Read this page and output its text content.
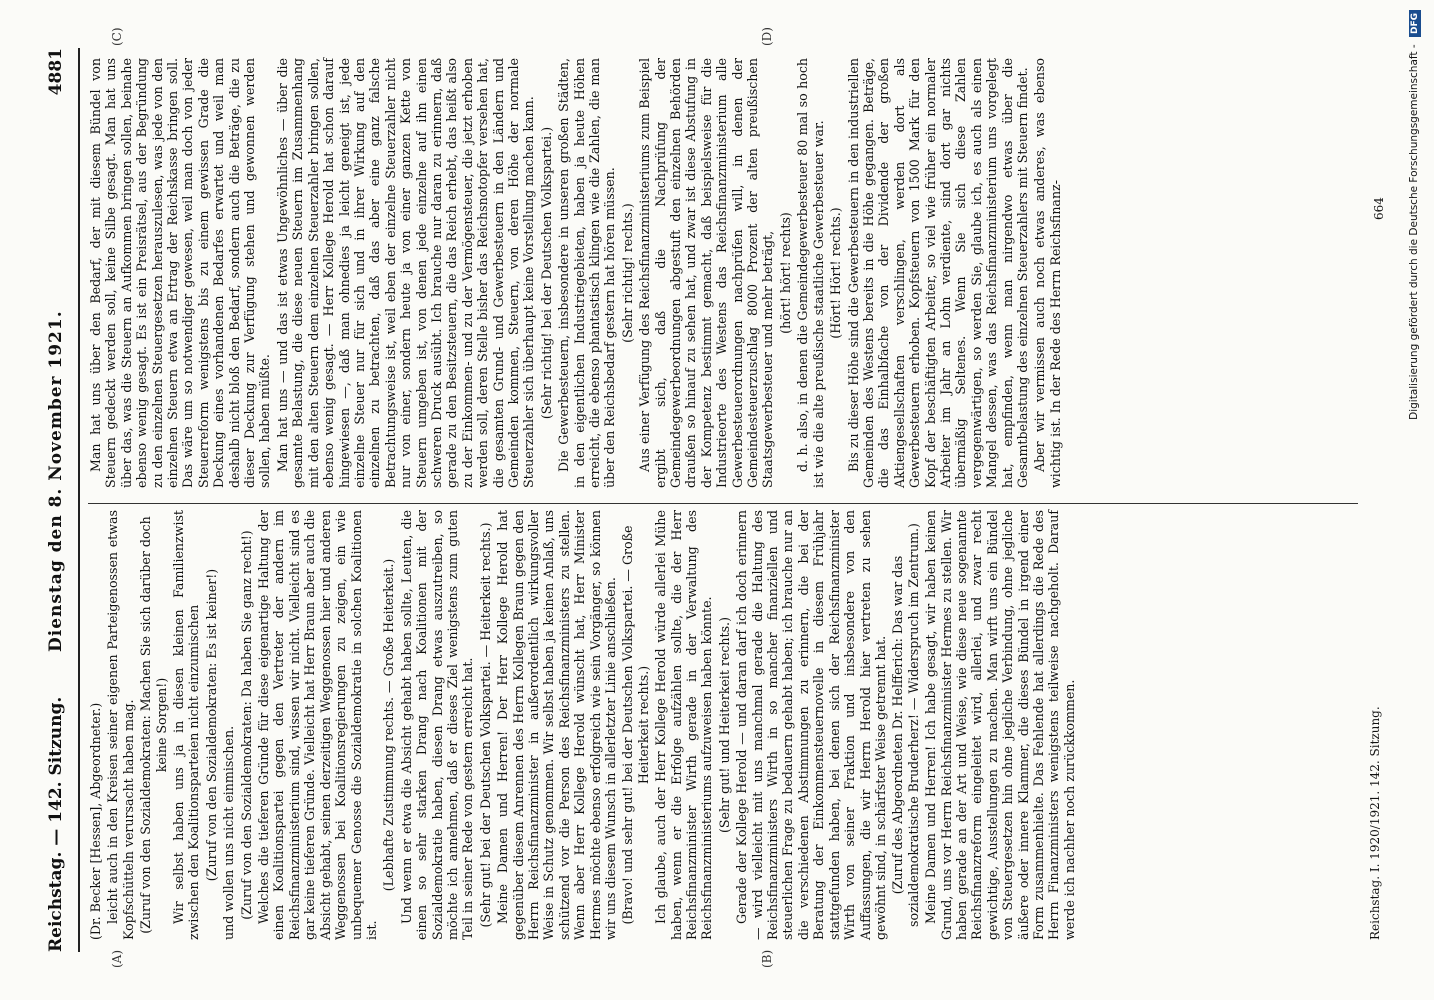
Reichstag. — 142. Sitzung.
Dienstag den 8. November 1921.
4881
(A)	(B)
(C)	(D)

(Dr. Becker [Hessen], Abgeordneter.) leicht auch in den Kreisen seiner eigenen Parteigenossen etwas Kopfschütteln verursacht haben mag. (Zuruf von den Sozialdemokraten: Machen Sie sich darüber doch keine Sorgen!) Wir selbst haben uns ja in diesen kleinen Familienzwist zwischen den Koalitionsparteien nicht einzumischen (Zuruf von den Sozialdemokraten: Es ist keiner!) und wollen uns nicht einmischen. (Zuruf von den Sozialdemokraten: Da haben Sie ganz recht!) Welches die tieferen Gründe für diese eigenartige Haltung der einen Koalitionspartei gegen den Vertreter der andern im Reichsfinanzministerium sind, wissen wir nicht. Vielleicht sind es gar keine tieferen Gründe. Vielleicht hat Herr Braun aber auch die Absicht gehabt, seinen derzeitigen Weggenossen hier und anderen Weggenossen bei Koalitionsregierungen zu zeigen, ein wie unbequemer Genosse die Sozialdemokratie in solchen Koalitionen ist.

(Lebhafte Zustimmung rechts. — Große Heiterkeit.) Und wenn er etwa die Absicht gehabt haben sollte, Leuten, die einen so sehr starken Drang nach Koalitionen mit der Sozialdemokratie haben, diesen Drang etwas auszutreiben, so möchte ich annehmen, daß er dieses Ziel wenigstens zum guten Teil in seiner Rede von gestern erreicht hat. (Sehr gut! bei der Deutschen Volkspartei. — Heiterkeit rechts.) Meine Damen und Herren! Der Herr Kollege Herold hat gegenüber diesem Anrennen des Herrn Kollegen Braun gegen den Herrn Reichsfinanzminister in außerordentlich wirkungsvoller Weise in Schutz genommen. Wir selbst haben ja keinen Anlaß, uns schützend vor die Person des Reichsfinanzministers zu stellen. Wenn aber Herr Kollege Herold wünscht hat, Herr Minister Hermes möchte ebenso erfolgreich wie sein Vorgänger, so können wir uns diesem Wunsch in allerletzter Linie anschließen. (Bravo! und sehr gut! bei der Deutschen Volkspartei. — Große Heiterkeit rechts.) Ich glaube, auch der Herr Kollege Herold würde allerlei Mühe haben, wenn er die Erfolge aufzählen sollte, die der Herr Reichsfinanzminister Wirth gerade in der Verwaltung des Reichsfinanzministeriums aufzuweisen haben könnte. (Sehr gut! und Heiterkeit rechts.) Gerade der Kollege Herold — und daran darf ich doch erinnern — wird vielleicht mit uns manchmal gerade die Haltung des Reichsfinanzministers Wirth in so mancher finanziellen und steuerlichen Frage zu bedauern gehabt haben; ich brauche nur an die verschiedenen Abstimmungen zu erinnern, die bei der Beratung der Einkommensteuernovelle in diesem Frühjahr stattgefunden haben, bei denen sich der Reichsfinanzminister Wirth von seiner Fraktion und insbesondere von den Auffassungen, die wir Herrn Herold hier vertreten zu sehen gewöhnt sind, in schärfster Weise getrennt hat. (Zuruf des Abgeordneten Dr. Helfferich: Das war das sozialdemokratische Bruderherz! — Widerspruch im Zentrum.) Meine Damen und Herren! Ich habe gesagt, wir haben keinen Grund, uns vor Herrn Reichsfinanzminister Hermes zu stellen. Wir haben gerade an der Art und Weise, wie diese neue sogenannte Reichsfinanzreform eingeleitet wird, allerlei, und zwar recht gewichtige, Ausstellungen zu machen. Man wirft uns ein Bündel von Steuergesetzen hin ohne jegliche Verbindung, ohne jegliche äußere oder innere Klammer, die dieses Bündel in irgend einer Form zusammenhielte. Das Fehlende hat allerdings die Rede des Herrn Finanzministers wenigstens teilweise nachgeholt. Darauf werde ich nachher noch zurückkommen.

Man hat uns über den Bedarf, der mit diesem Bündel von Steuern gedeckt werden soll, keine Silbe gesagt. Man hat uns über das, was die Steuern an Aufkommen bringen sollen, beinahe ebenso wenig gesagt. Es ist ein Preisrätsel, aus der Begründung zu den einzelnen Steuergesetzen herauszulesen, was jede von den einzelnen Steuern etwa an Ertrag der Reichskasse bringen soll. Das wäre um so notwendiger gewesen, weil man doch von jeder Steuerreform wenigstens bis zu einem gewissen Grade die Deckung eines vorhandenen Bedarfes erwartet und weil man deshalb nicht bloß den Bedarf, sondern auch die Beträge, die zu dieser Deckung zur Verfügung stehen und gewonnen werden sollen, haben müßte. Man hat uns — und das ist etwas Ungewöhnliches — über die gesamte Belastung, die diese neuen Steuern im Zusammenhang mit den alten Steuern dem einzelnen Steuerzahler bringen sollen, ebenso wenig gesagt. — Herr Kollege Herold hat schon darauf hingewiesen —, daß man ohnedies ja leicht geneigt ist, jede einzelne Steuer nur für sich und in ihrer Wirkung auf den einzelnen zu betrachten, daß das aber eine ganz falsche Betrachtungsweise ist, weil eben der einzelne Steuerzahler nicht nur von einer, sondern heute ja von einer ganzen Kette von Steuern umgeben ist, von denen jede einzelne auf ihn einen schweren Druck ausübt. Ich brauche nur daran zu erinnern, daß gerade zu den Besitzsteuern, die das Reich erhebt, das heißt also zu der Einkommen- und zu der Vermögensteuer, die jetzt erhoben werden soll, deren Stelle bisher das Reichsnotopfer versehen hat, die gesamten Grund- und Gewerbesteuern in den Ländern und Gemeinden kommen, Steuern, von deren Höhe der normale Steuerzahler sich überhaupt keine Vorstellung machen kann. (Sehr richtig! bei der Deutschen Volkspartei.) Die Gewerbesteuern, insbesondere in unseren großen Städten, in den eigentlichen Industriegebieten, haben ja heute Höhen erreicht, die ebenso phantastisch klingen wie die Zahlen, die man über den Reichsbedarf gestern hat hören müssen. (Sehr richtig! rechts.) Aus einer Verfügung des Reichsfinanzministeriums zum Beispiel ergibt sich, daß die Nachprüfung der Gemeindegewerbeordnungen abgestuft den einzelnen Behörden draußen so hinauf zu sehen hat, und zwar ist diese Abstufung in der Kompetenz bestimmt gemacht, daß beispielsweise für die Industrieorte des Westens das Reichsfinanzministerium alle Gewerbesteuerordnungen nachprüfen will, in denen der Gemeindesteuerzuschlag 8000 Prozent der alten preußischen Staatsgewerbesteuer und mehr beträgt, (hört! hört! rechts) d. h. also, in denen die Gemeindegewerbesteuer 80 mal so hoch ist wie die alte preußische staatliche Gewerbesteuer war. (Hört! Hört! rechts.) Bis zu dieser Höhe sind die Gewerbesteuern in den industriellen Gemeinden des Westens bereits in die Höhe gegangen. Beträge, die das Einhalbfache von der Dividende der großen Aktiengesellschaften verschlingen, werden dort als Gewerbesteuern erhoben. Kopfsteuern von 1500 Mark für den Kopf der beschäftigten Arbeiter, so viel wie früher ein normaler Arbeiter im Jahr an Lohn verdiente, sind dort gar nichts übermäßig Seltenes. Wenn Sie sich diese Zahlen vergegenwärtigen, so werden Sie, glaube ich, es auch als einen Mangel dessen, was das Reichsfinanzministerium uns vorgelegt hat, empfinden, wenn man nirgendwo etwas über die Gesamtbelastung des einzelnen Steuerzahlers mit Steuern findet. Aber wir vermissen auch noch etwas anderes, was ebenso wichtig ist. In der Rede des Herrn Reichsfinanz-

Reichstag. I. 1920/1921. 142. Sitzung.
664 Digitalisierung gefördert durch die Deutsche Forschungsgemeinschaft - DFG
